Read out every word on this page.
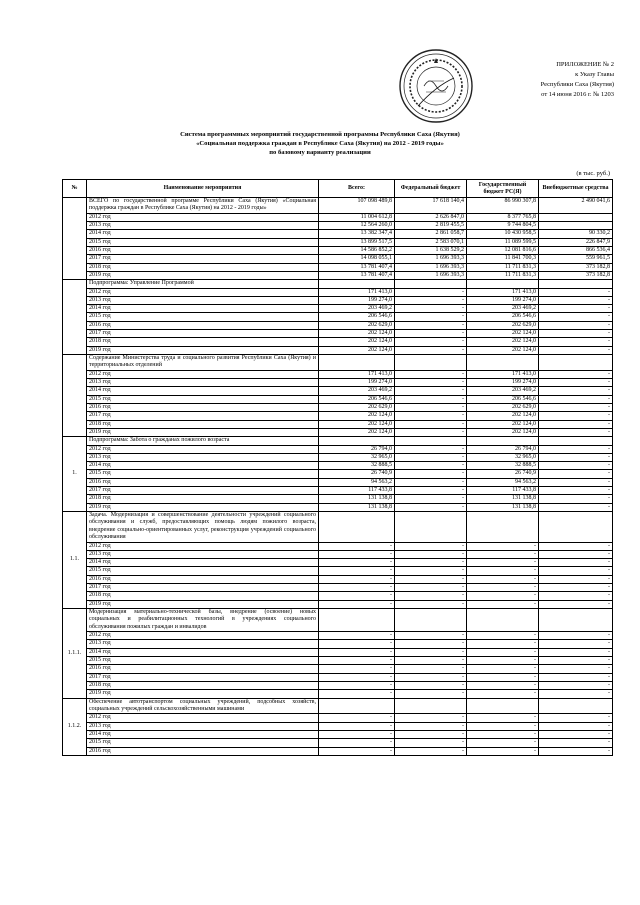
ПРИЛОЖЕНИЕ № 2
к Указу Главы
Республики Саха (Якутия)
от 14 июня 2016 г. № 1203
Система программных мероприятий государственной программы Республики Саха (Якутия)
«Социальная поддержка граждан в Республике Саха (Якутия) на 2012 - 2019 годы»
по базовому варианту реализации
(в тыс. руб.)
№	Наименование мероприятия	Всего:	Федеральный бюджет	Государственный бюджет РС(Я)	Внебюджетные средства
	ВСЕГО по государственной программе Республики Саха (Якутия) «Социальная поддержка граждан в Республике Саха (Якутия) на 2012 - 2019 годы»	107 098 489,8	17 618 140,4	86 990 307,8	2 490 041,6
	2012 год	11 004 612,8	2 626 847,0	8 377 765,8	
	2013 год	12 564 260,0	2 819 455,5	9 744 804,5	
	2014 год	13 382 347,4	2 861 058,7	10 430 958,5	90 330,2
	2015 год	13 899 517,5	2 583 070,1	11 089 599,5	226 847,9
	2016 год	14 586 852,2	1 638 529,2	12 081 816,6	866 536,4
	2017 год	14 098 055,1	1 696 393,3	11 841 700,3	559 961,5
	2018 год	13 781 407,4	1 696 393,3	11 711 831,3	373 182,8
	2019 год	13 781 407,4	1 696 393,3	11 711 831,3	373 182,8
	Подпрограмма: Управление Программой				
	2012 год	171 413,0	-	171 413,0	-
	2013 год	199 274,0	-	199 274,0	-
	2014 год	203 469,2	-	203 469,2	-
	2015 год	206 546,6	-	206 546,6	-
	2016 год	202 629,0	-	202 629,0	-
	2017 год	202 124,0	-	202 124,0	-
	2018 год	202 124,0	-	202 124,0	-
	2019 год	202 124,0	-	202 124,0	-
	Содержание Министерства труда и социального развития Республики Саха (Якутия) и территориальных отделений				
	2012 год	171 413,0	-	171 413,0	-
	2013 год	199 274,0	-	199 274,0	-
	2014 год	203 469,2	-	203 469,2	-
	2015 год	206 546,6	-	206 546,6	-
	2016 год	202 629,0	-	202 629,0	-
	2017 год	202 124,0	-	202 124,0	-
	2018 год	202 124,0	-	202 124,0	-
	2019 год	202 124,0	-	202 124,0	-
1.	Подпрограмма: Забота о гражданах пожилого возраста				
	2012 год	26 794,0	-	26 794,0	-
	2013 год	32 965,0	-	32 965,0	-
	2014 год	32 888,5	-	32 888,5	-
	2015 год	26 740,9	-	26 740,9	-
	2016 год	94 563,2	-	94 563,2	-
	2017 год	117 433,8	-	117 433,8	-
	2018 год	131 138,8	-	131 138,8	-
	2019 год	131 138,8	-	131 138,8	-
1.1.	Задача. Модернизация и совершенствование деятельности учреждений социального обслуживания и служб, предоставляющих помощь людям пожилого возраста, внедрение социально-ориентированных услуг, реконструкция учреждений социального обслуживания				
	2012 год	-	-	-	-
	2013 год	-	-	-	-
	2014 год	-	-	-	-
	2015 год	-	-	-	-
	2016 год	-	-	-	-
	2017 год	-	-	-	-
	2018 год	-	-	-	-
	2019 год	-	-	-	-
1.1.1.	Модернизация материально-технической базы, внедрение (освоение) новых социальных и реабилитационных технологий в учреждениях социального обслуживания пожилых граждан и инвалидов				
	2012 год	-	-	-	-
	2013 год	-	-	-	-
	2014 год	-	-	-	-
	2015 год	-	-	-	-
	2016 год	-	-	-	-
	2017 год	-	-	-	-
	2018 год	-	-	-	-
	2019 год	-	-	-	-
1.1.2.	Обеспечение автотранспортом социальных учреждений, подсобных хозяйств, социальных учреждений сельскохозяйственными машинами				
	2012 год	-	-	-	-
	2013 год	-	-	-	-
	2014 год	-	-	-	-
	2015 год	-	-	-	-
	2016 год	-	-	-	-
